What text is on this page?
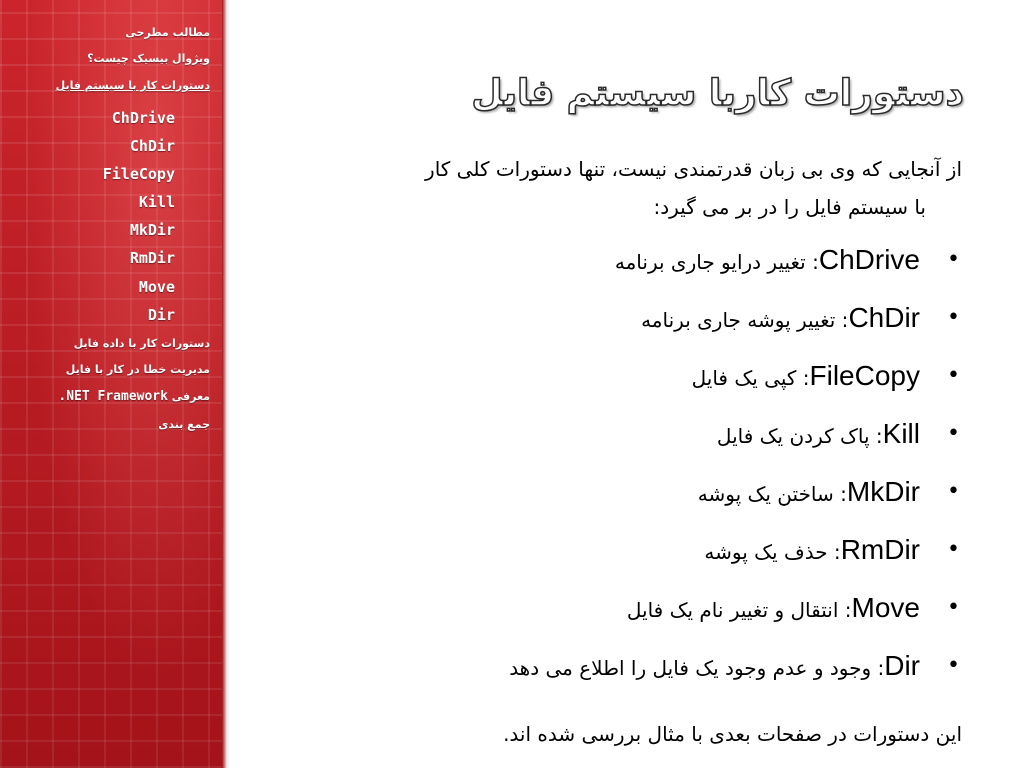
مطالب مطرحی
ویژوال بیسیک چیست؟
دستورات کار با سیستم فایل
ChDrive
ChDir
FileCopy
Kill
MkDir
RmDir
Move
Dir
دستورات کار با داده فایل
مدیریت خطا در کار با فایل
معرفی .NET Framework
جمع بندی
دستورات کاربا سیستم فایل

از آنجایی که وی بی زبان قدرتمندی نیست، تنها دستورات کلی کار
با سیستم فایل را در بر می گیرد:

•
ChDrive: تغییر درایو جاری برنامه
•
ChDir: تغییر پوشه جاری برنامه
•
FileCopy: کپی یک فایل
•
Kill: پاک کردن یک فایل
•
MkDir: ساختن یک پوشه
•
RmDir: حذف یک پوشه
•
Move: انتقال و تغییر نام یک فایل
•
Dir: وجود و عدم وجود یک فایل را اطلاع می دهد
این دستورات در صفحات بعدی با مثال بررسی شده اند.
